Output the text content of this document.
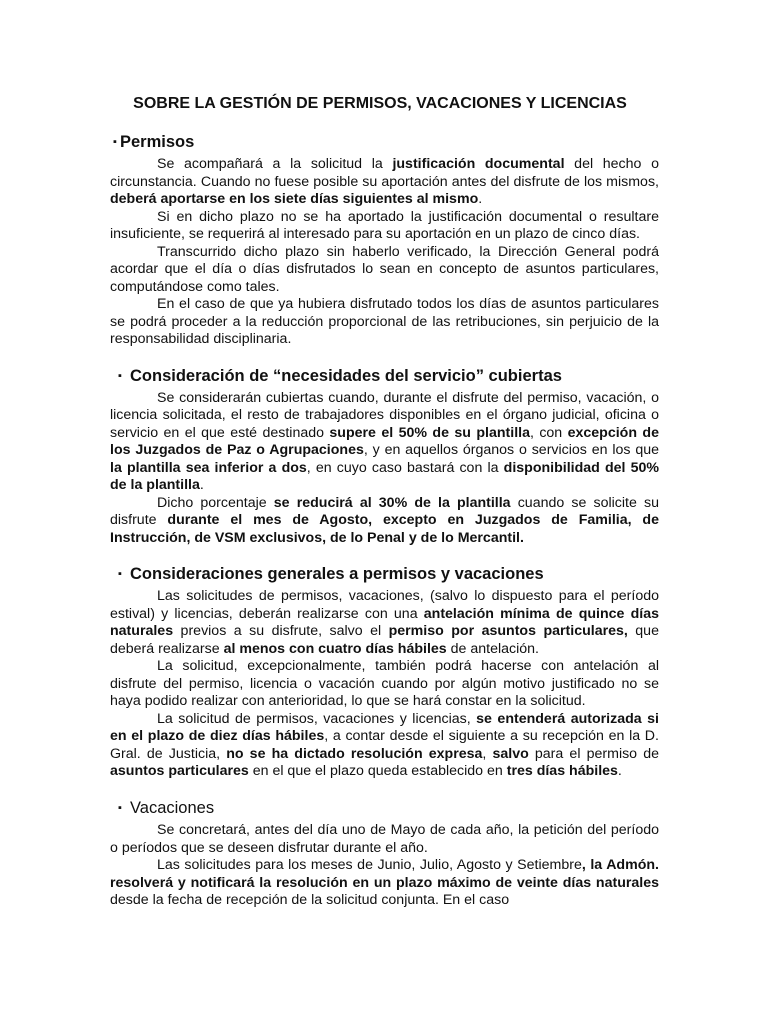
SOBRE LA GESTIÓN DE PERMISOS, VACACIONES Y LICENCIAS
▪ Permisos

Se acompañará a la solicitud la justificación documental del hecho o circunstancia. Cuando no fuese posible su aportación antes del disfrute de los mismos, deberá aportarse en los siete días siguientes al mismo.

Si en dicho plazo no se ha aportado la justificación documental o resultare insuficiente, se requerirá al interesado para su aportación en un plazo de cinco días.

Transcurrido dicho plazo sin haberlo verificado, la Dirección General podrá acordar que el día o días disfrutados lo sean en concepto de asuntos particulares, computándose como tales.

En el caso de que ya hubiera disfrutado todos los días de asuntos particulares se podrá proceder a la reducción proporcional de las retribuciones, sin perjuicio de la responsabilidad disciplinaria.

▪ Consideración de “necesidades del servicio” cubiertas

Se considerarán cubiertas cuando, durante el disfrute del permiso, vacación, o licencia solicitada, el resto de trabajadores disponibles en el órgano judicial, oficina o servicio en el que esté destinado supere el 50% de su plantilla, con excepción de los Juzgados de Paz o Agrupaciones, y en aquellos órganos o servicios en los que la plantilla sea inferior a dos, en cuyo caso bastará con la disponibilidad del 50% de la plantilla.

Dicho porcentaje se reducirá al 30% de la plantilla cuando se solicite su disfrute durante el mes de Agosto, excepto en Juzgados de Familia, de Instrucción, de VSM exclusivos, de lo Penal y de lo Mercantil.

▪ Consideraciones generales a permisos y vacaciones

Las solicitudes de permisos, vacaciones, (salvo lo dispuesto para el período estival) y licencias, deberán realizarse con una antelación mínima de quince días naturales previos a su disfrute, salvo el permiso por asuntos particulares, que deberá realizarse al menos con cuatro días hábiles de antelación.

La solicitud, excepcionalmente, también podrá hacerse con antelación al disfrute del permiso, licencia o vacación cuando por algún motivo justificado no se haya podido realizar con anterioridad, lo que se hará constar en la solicitud.

La solicitud de permisos, vacaciones y licencias, se entenderá autorizada si en el plazo de diez días hábiles, a contar desde el siguiente a su recepción en la D. Gral. de Justicia, no se ha dictado resolución expresa, salvo para el permiso de asuntos particulares en el que el plazo queda establecido en tres días hábiles.

▪ Vacaciones

Se concretará, antes del día uno de Mayo de cada año, la petición del período o períodos que se deseen disfrutar durante el año.

Las solicitudes para los meses de Junio, Julio, Agosto y Setiembre, la Admón. resolverá y notificará la resolución en un plazo máximo de veinte días naturales desde la fecha de recepción de la solicitud conjunta. En el caso
